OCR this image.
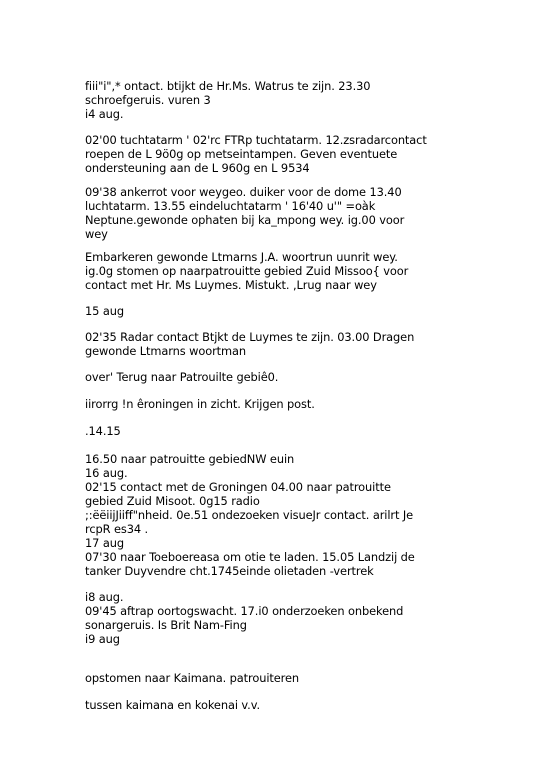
fiii"i",* ontact. btijkt de Hr.Ms. Watrus te zijn. 23.30
schroefgeruis. vuren 3
i4 aug.
02'00 tuchtatarm ' 02'rc FTRp tuchtatarm. 12.zsradarcontact
roepen de L 9ö0g op metseintampen. Geven eventuete
ondersteuning aan de L 960g en L 9534
09'38 ankerrot voor weygeo. duiker voor de dome 13.40
luchtatarm. 13.55 eindeluchtatarm ' 16'40 u'" =oàk
Neptune.gewonde ophaten bij ka_mpong wey. ig.00 voor
wey
Embarkeren gewonde Ltmarns J.A. woortrun uunrit wey.
ig.0g stomen op naarpatrouitte gebied Zuid Missoo{ voor
contact met Hr. Ms Luymes. Mistukt. ,Lrug naar wey
15 aug
02'35 Radar contact Btjkt de Luymes te zijn. 03.00 Dragen
gewonde Ltmarns woortman
over' Terug naar Patrouilte gebiê0.
iirorrg !n êroningen in zicht. Krijgen post.
.14.15
16.50 naar patrouitte gebiedNW euin
16 aug.
02'15 contact met de Groningen 04.00 naar patrouitte
gebied Zuid Misoot. 0g15 radio
;:ëëiijJiiff"nheid. 0e.51 ondezoeken visueJr contact. arilrt Je
rcpR es34 .
17 aug
07'30 naar Toeboereasa om otie te laden. 15.05 Landzij de
tanker Duyvendre cht.1745einde olietaden -vertrek
i8 aug.
09'45 aftrap oortogswacht. 17.i0 onderzoeken onbekend
sonargeruis. Is Brit Nam-Fing
i9 aug
opstomen naar Kaimana. patrouiteren
tussen kaimana en kokenai v.v.
